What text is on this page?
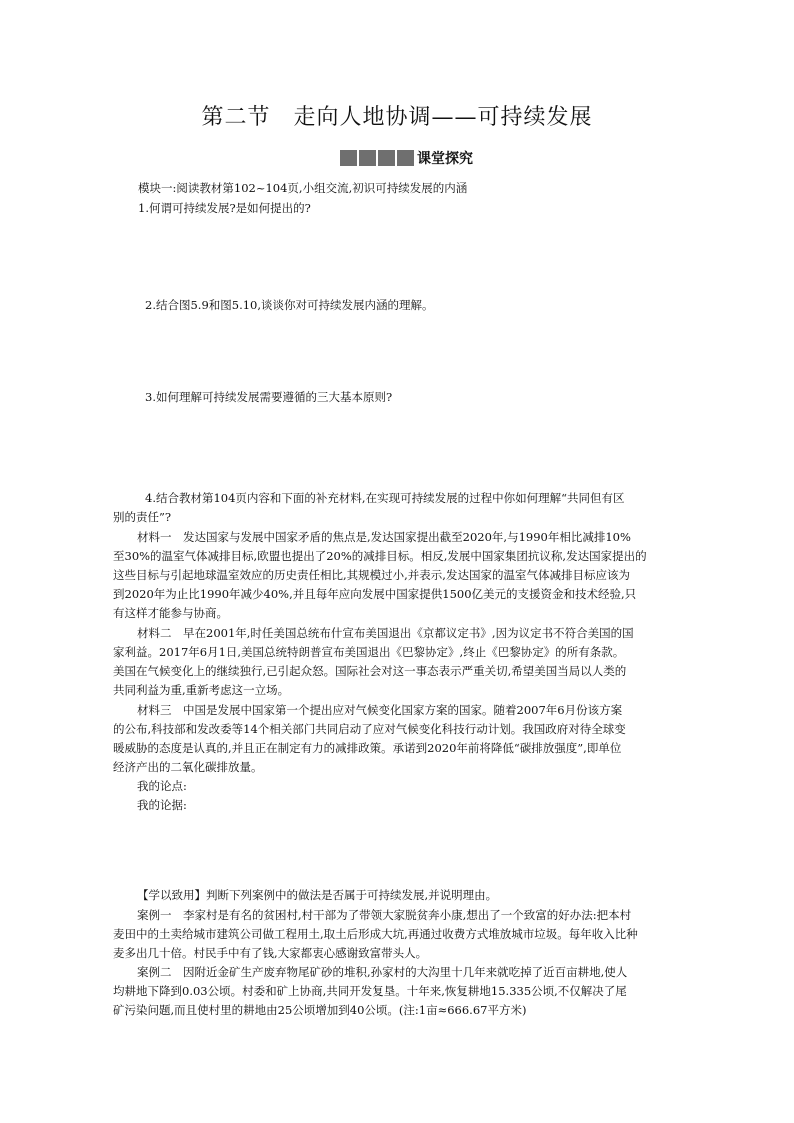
第二节　走向人地协调——可持续发展
课堂探究
模块一:阅读教材第102~104页,小组交流,初识可持续发展的内涵
1.何谓可持续发展?是如何提出的?
2.结合图5.9和图5.10,谈谈你对可持续发展内涵的理解。
3.如何理解可持续发展需要遵循的三大基本原则?
4.结合教材第104页内容和下面的补充材料,在实现可持续发展的过程中你如何理解“共同但有区
别的责任”?
材料一　发达国家与发展中国家矛盾的焦点是,发达国家提出截至2020年,与1990年相比减排10%
至30%的温室气体减排目标,欧盟也提出了20%的减排目标。相反,发展中国家集团抗议称,发达国家提出的
这些目标与引起地球温室效应的历史责任相比,其规模过小,并表示,发达国家的温室气体减排目标应该为
到2020年为止比1990年减少40%,并且每年应向发展中国家提供1500亿美元的支援资金和技术经验,只
有这样才能参与协商。
材料二　早在2001年,时任美国总统布什宣布美国退出《京都议定书》,因为议定书不符合美国的国
家利益。2017年6月1日,美国总统特朗普宣布美国退出《巴黎协定》,终止《巴黎协定》的所有条款。
美国在气候变化上的继续独行,已引起众怒。国际社会对这一事态表示严重关切,希望美国当局以人类的
共同利益为重,重新考虑这一立场。
材料三　中国是发展中国家第一个提出应对气候变化国家方案的国家。随着2007年6月份该方案
的公布,科技部和发改委等14个相关部门共同启动了应对气候变化科技行动计划。我国政府对待全球变
暖威胁的态度是认真的,并且正在制定有力的减排政策。承诺到2020年前将降低“碳排放强度”,即单位
经济产出的二氧化碳排放量。
我的论点:
我的论据:
【学以致用】判断下列案例中的做法是否属于可持续发展,并说明理由。
案例一　李家村是有名的贫困村,村干部为了带领大家脱贫奔小康,想出了一个致富的好办法:把本村
麦田中的土卖给城市建筑公司做工程用土,取土后形成大坑,再通过收费方式堆放城市垃圾。每年收入比种
麦多出几十倍。村民手中有了钱,大家都衷心感谢致富带头人。
案例二　因附近金矿生产废弃物尾矿砂的堆积,孙家村的大沟里十几年来就吃掉了近百亩耕地,使人
均耕地下降到0.03公顷。村委和矿上协商,共同开发复垦。十年来,恢复耕地15.335公顷,不仅解决了尾
矿污染问题,而且使村里的耕地由25公顷增加到40公顷。(注:1亩≈666.67平方米)
